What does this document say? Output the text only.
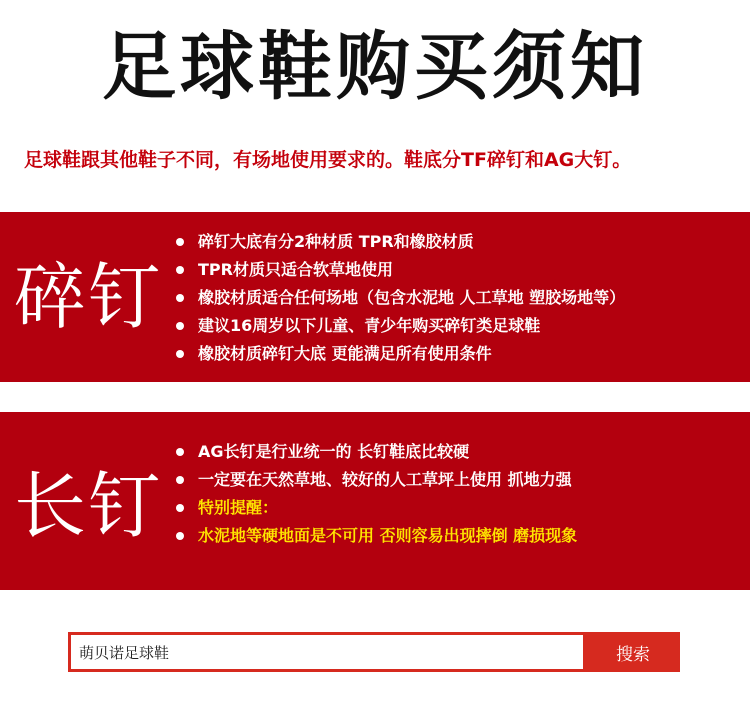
足球鞋购买须知
足球鞋跟其他鞋子不同，有场地使用要求的。鞋底分TF碎钉和AG大钉。
碎钉
碎钉大底有分2种材质 TPR和橡胶材质
TPR材质只适合软草地使用
橡胶材质适合任何场地（包含水泥地 人工草地 塑胶场地等）
建议16周岁以下儿童、青少年购买碎钉类足球鞋
橡胶材质碎钉大底 更能满足所有使用条件
长钉
AG长钉是行业统一的 长钉鞋底比较硬
一定要在天然草地、较好的人工草坪上使用 抓地力强
特别提醒：
水泥地等硬地面是不可用 否则容易出现摔倒 磨损现象
萌贝诺足球鞋
搜索
